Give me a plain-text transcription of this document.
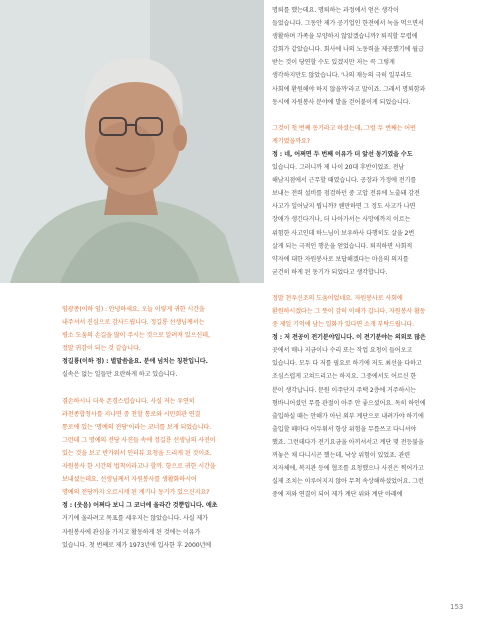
임광종(이하 임) : 안녕하세요. 오늘 이렇게 귀한 시간을

내주셔서 진심으로 감사드립니다. 정길룡 선생님께서는

평소 도움의 손길을 많이 주시는 것으로 알려져 있으신데,

정말 귀감이 되는 것 같습니다.

정길룡(이하 정) : 별말씀을요. 분에 넘치는 칭찬입니다.

실속은 없는 일들만 요란하게 하고 있습니다.

겸손하시니 더욱 존경스럽습니다. 사실 저는 우연히

과천종합청사를 지나면 중 천할 통로와 시민회관 연결

통로에 있는 '명예의 전당'이라는 코너를 보게 되었습니다.

그런데 그 명예의 전당 사진들 속에 정길룡 선생님의 사진이

있는 것을 보고 반가워서 인터뷰 요청을 드리게 된 것이죠.

자원봉사 한 시간의 법칙이라고나 할까. 항으로 귀한 시간을

보내셨는데요. 선생님께서 자원봉사를 생활화하시어

명예의 전당까지 오르시게 된 계기나 동기가 있으신지요?

정 : (웃음) 어쩌다 보니 그 코너에 올라간 것뿐입니다. 애초

거기에 올라려고 목표를 세우지는 않았습니다. 사실 제가

자원봉사에 관심을 가지고 활동하게 된 것에는 이유가

있습니다. 첫 번째로 제가 1973년에 입사한 후 2000년에

명퇴를 했는데요. 명퇴하는 과정에서 얻은 생각이

들었습니다. 그동안 제가 공기업인 한전에서 녹을 먹으면서

생활하며 가족을 부양하지 않았겠습니까? 퇴직할 무렵에

감회가 같았습니다. 회사에 나의 노동력을 제공했기에 월급

받는 것이 당연할 수도 있겠지만 저는 꼭 그렇게

생각하지만도 않았습니다. '나의 재능의 극히 일부라도

사회에 환원해야 하지 않을까'라고 말이죠. 그래서 명퇴함과

동시에 자원봉사 분야에 발을 걷어붙이게 되었습니다.

그것이 첫 번째 동기라고 하셨는데, 그럼 두 번째는 어떤

계기였을까요?

정 : 네, 어쩌면 두 번째 이유가 더 앞선 동기였을 수도

있습니다. 그러니까 제 나이 20대 후반이었죠. 전남

해남지점에서 근무할 때였습니다. 공장과 가정에 전기를

보내는 전력 설비를 점검하던 중 고압 전류에 노출돼 감전

사고가 일어났지 뭡니까? 웬만하면 그 정도 사고가 나면

장애가 생긴다거나, 더 나아가서는 사망에까지 이르는

위험한 사고인데 하느님이 보우하사 다행히도 살을 2번

살게 되는 극적인 행운을 얻었습니다. 퇴직하면 사회적

약자에 대한 자원봉사로 보답해겠다는 마음의 의지를

굳건히 하게 된 동기가 되었다고 생각합니다.

정말 천우신조의 도움이었네요. 자원봉사로 사회에

환원하시겠다는 그 뜻이 감히 이해가 갑니다. 자원봉사 활동

중 제일 기억에 남는 일화가 있다면 소개 부탁드립니다.

정 : 저 전공이 전기분야입니다. 이 전기분야는 의외로 많은

곳에서 매나 지금이나 수리 또는 작업 요청이 들어오고

있습니다. 모두 다 저를 필요로 하기에 저도 최선을 다하고

조심스럽게 고쳐드리고는 하지요. 그중에서도 어르신 한

분이 생각납니다. 문원 이주단지 주택 2층에 거주하시는

형바니어셨던 무릎 관절이 아주 안 좋으셨어요. 독히 하인에

출입하실 때는 안해가 아닌 외부 계단으로 내려가야 하기에

출입할 때마다 어두워서 항상 위험을 무릅쓰고 다니셔야

했죠. 그런데다가 전기요금을 아끼셔서고 계단 몇 전등불을

꺼놓은 채 다니시곤 했는데, 낙상 위험이 있었죠. 관련

지자체에, 복지관 등에 협조를 요청했으나 사진은 찍어가고

실제 조치는 이루어지지 않아 무척 속상해하셨었어요. 그런

중에 저와 연결이 되어 제가 계단 위와 계단 아래에

153
